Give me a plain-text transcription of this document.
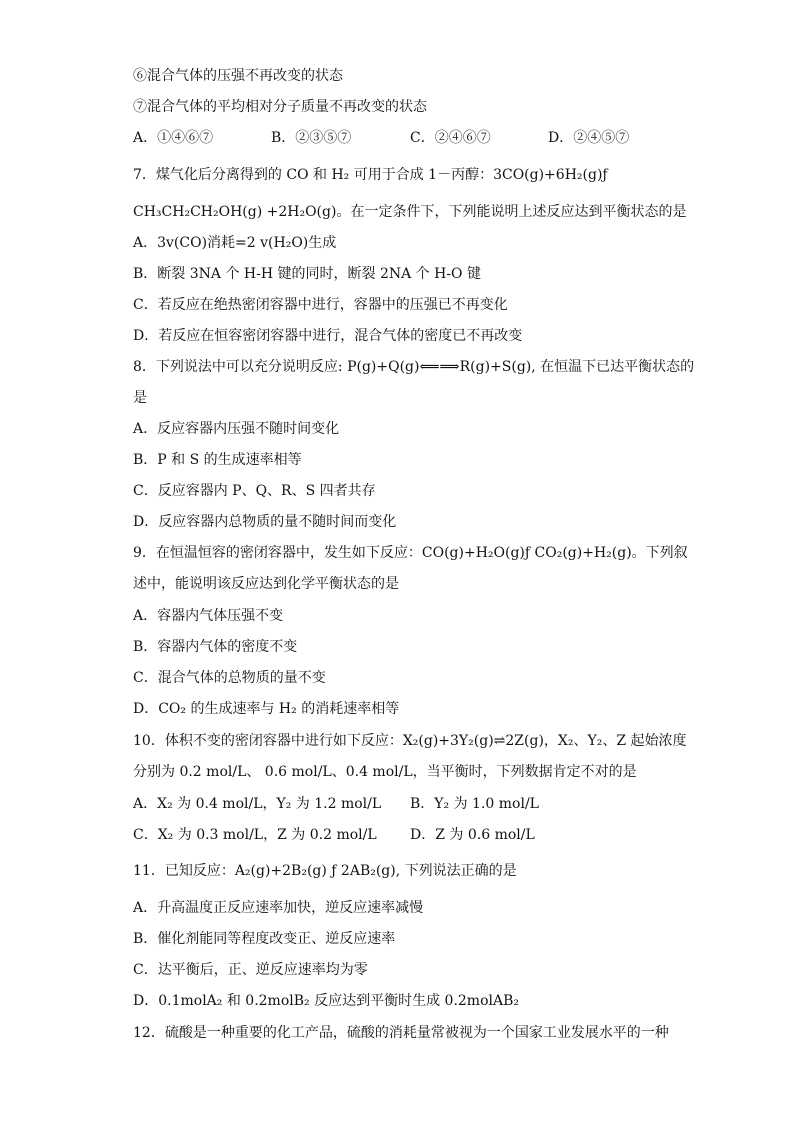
⑥混合气体的压强不再改变的状态
⑦混合气体的平均相对分子质量不再改变的状态
A．①④⑥⑦	B．②③⑤⑦	C．②④⑥⑦	D．②④⑤⑦
7．煤气化后分离得到的 CO 和 H₂ 可用于合成 1－丙醇：3CO(g)+6H₂(g)ƒ
CH₃CH₂CH₂OH(g) +2H₂O(g)。在一定条件下，下列能说明上述反应达到平衡状态的是
A．3v(CO)消耗=2 v(H₂O)生成
B．断裂 3NA 个 H-H 键的同时，断裂 2NA 个 H-O 键
C．若反应在绝热密闭容器中进行，容器中的压强已不再变化
D．若反应在恒容密闭容器中进行，混合气体的密度已不再改变
8．下列说法中可以充分说明反应: P(g)+Q(g)⟸⟹R(g)+S(g), 在恒温下已达平衡状态的
是
A．反应容器内压强不随时间变化
B．P 和 S 的生成速率相等
C．反应容器内 P、Q、R、S 四者共存
D．反应容器内总物质的量不随时间而变化
9．在恒温恒容的密闭容器中，发生如下反应：CO(g)+H₂O(g)ƒ CO₂(g)+H₂(g)。下列叙
述中，能说明该反应达到化学平衡状态的是
A．容器内气体压强不变
B．容器内气体的密度不变
C．混合气体的总物质的量不变
D．CO₂ 的生成速率与 H₂ 的消耗速率相等
10．体积不变的密闭容器中进行如下反应：X₂(g)+3Y₂(g)⇌2Z(g)，X₂、Y₂、Z 起始浓度
分别为 0.2 mol/L、 0.6 mol/L、0.4 mol/L，当平衡时，下列数据肯定不对的是
A．X₂ 为 0.4 mol/L，Y₂ 为 1.2 mol/L B．Y₂ 为 1.0 mol/L
C．X₂ 为 0.3 mol/L，Z 为 0.2 mol/L D．Z 为 0.6 mol/L
11．已知反应：A₂(g)+2B₂(g) ƒ 2AB₂(g), 下列说法正确的是
A．升高温度正反应速率加快，逆反应速率减慢
B．催化剂能同等程度改变正、逆反应速率
C．达平衡后，正、逆反应速率均为零
D．0.1molA₂ 和 0.2molB₂ 反应达到平衡时生成 0.2molAB₂
12．硫酸是一种重要的化工产品，硫酸的消耗量常被视为一个国家工业发展水平的一种
